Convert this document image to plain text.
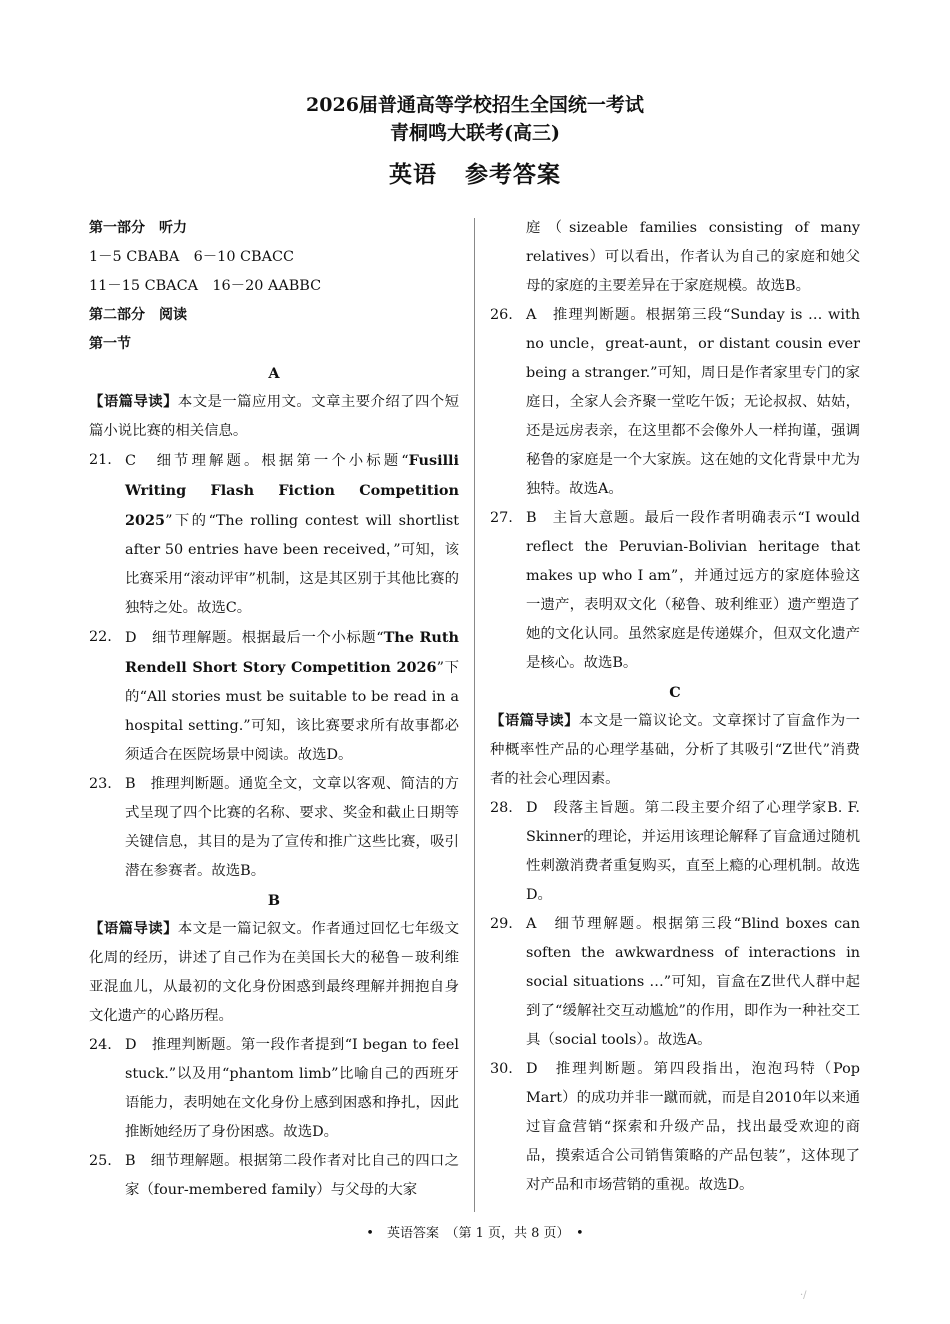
2026届普通高等学校招生全国统一考试
青桐鸣大联考(高三)
英语 参考答案
第一部分　听力
1－5 CBABA　6－10 CBACC
11－15 CBACA　16－20 AABBC
第二部分　阅读
第一节
A
【语篇导读】本文是一篇应用文。文章主要介绍了四个短篇小说比赛的相关信息。
21. C　细节理解题。根据第一个小标题“Fusilli Writing Flash Fiction Competition 2025”下的“The rolling contest will shortlist after 50 entries have been received，”可知，该比赛采用“滚动评审”机制，这是其区别于其他比赛的独特之处。故选C。
22. D　细节理解题。根据最后一个小标题“The Ruth Rendell Short Story Competition 2026”下的“All stories must be suitable to be read in a hospital setting.”可知，该比赛要求所有故事都必须适合在医院场景中阅读。故选D。
23. B　推理判断题。通览全文，文章以客观、简洁的方式呈现了四个比赛的名称、要求、奖金和截止日期等关键信息，其目的是为了宣传和推广这些比赛，吸引潜在参赛者。故选B。
B
【语篇导读】本文是一篇记叙文。作者通过回忆七年级文化周的经历，讲述了自己作为在美国长大的秘鲁－玻利维亚混血儿，从最初的文化身份困惑到最终理解并拥抱自身文化遗产的心路历程。
24. D　推理判断题。第一段作者提到“I began to feel stuck.”以及用“phantom limb”比喻自己的西班牙语能力，表明她在文化身份上感到困惑和挣扎，因此推断她经历了身份困惑。故选D。
25. B　细节理解题。根据第二段作者对比自己的四口之家（four-membered family）与父母的大家
庭（sizeable families consisting of many relatives）可以看出，作者认为自己的家庭和她父母的家庭的主要差异在于家庭规模。故选B。
26. A　推理判断题。根据第三段“Sunday is … with no uncle，great-aunt，or distant cousin ever being a stranger.”可知，周日是作者家里专门的家庭日，全家人会齐聚一堂吃午饭；无论叔叔、姑姑，还是远房表亲，在这里都不会像外人一样拘谨，强调秘鲁的家庭是一个大家族。这在她的文化背景中尤为独特。故选A。
27. B　主旨大意题。最后一段作者明确表示“I would reflect the Peruvian-Bolivian heritage that makes up who I am”，并通过远方的家庭体验这一遗产，表明双文化（秘鲁、玻利维亚）遗产塑造了她的文化认同。虽然家庭是传递媒介，但双文化遗产是核心。故选B。
C
【语篇导读】本文是一篇议论文。文章探讨了盲盒作为一种概率性产品的心理学基础，分析了其吸引“Z世代”消费者的社会心理因素。
28. D　段落主旨题。第二段主要介绍了心理学家B. F. Skinner的理论，并运用该理论解释了盲盒通过随机性刺激消费者重复购买，直至上瘾的心理机制。故选D。
29. A　细节理解题。根据第三段“Blind boxes can soften the awkwardness of interactions in social situations …”可知，盲盒在Z世代人群中起到了“缓解社交互动尴尬”的作用，即作为一种社交工具（social tools）。故选A。
30. D　推理判断题。第四段指出，泡泡玛特（Pop Mart）的成功并非一蹴而就，而是自2010年以来通过盲盒营销“探索和升级产品，找出最受欢迎的商品，摸索适合公司销售策略的产品包装”，这体现了对产品和市场营销的重视。故选D。
•　英语答案　（第 1 页，共 8 页）　•
·/
